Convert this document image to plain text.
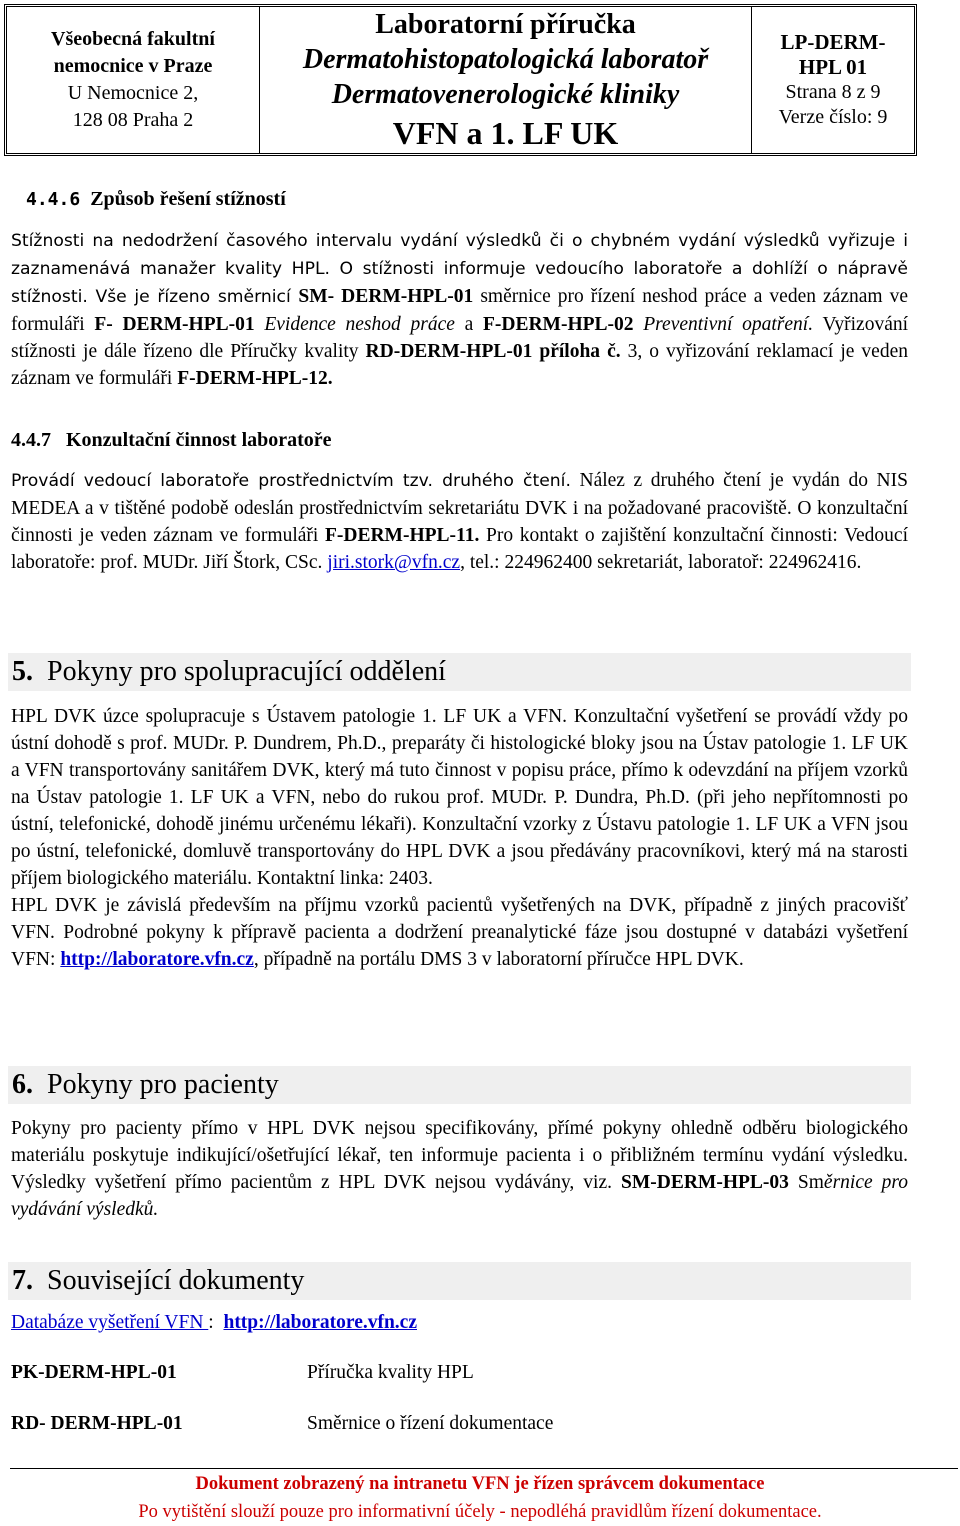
Všeobecná fakultní
nemocnice v Praze
U Nemocnice 2,
128 08 Praha 2
Laboratorní příručka
Dermatohistopatologická laboratoř
Dermatovenerologické kliniky
VFN a 1. LF UK
LP-DERM-
HPL 01
Strana 8 z 9
Verze číslo: 9
4.4.6 Způsob řešení stížností
Stížnosti na nedodržení časového intervalu vydání výsledků či o chybném vydání výsledků vyřizuje i zaznamenává manažer kvality HPL. O stížnosti informuje vedoucího laboratoře a dohlíží o nápravě stížnosti. Vše je řízeno směrnicí SM- DERM-HPL-01 směrnice pro řízení neshod práce a veden záznam ve formuláři F- DERM-HPL-01 Evidence neshod práce a F-DERM-HPL-02 Preventivní opatření. Vyřizování stížnosti je dále řízeno dle Příručky kvality RD-DERM-HPL-01 příloha č. 3, o vyřizování reklamací je veden záznam ve formuláři F-DERM-HPL-12.
4.4.7 Konzultační činnost laboratoře
Provádí vedoucí laboratoře prostřednictvím tzv. druhého čtení. Nález z druhého čtení je vydán do NIS MEDEA a v tištěné podobě odeslán prostřednictvím sekretariátu DVK i na požadované pracoviště. O konzultační činnosti je veden záznam ve formuláři F-DERM-HPL-11. Pro kontakt o zajištění konzultační činnosti: Vedoucí laboratoře: prof. MUDr. Jiří Štork, CSc. jiri.stork@vfn.cz, tel.: 224962400 sekretariát, laboratoř: 224962416.
5. Pokyny pro spolupracující oddělení
HPL DVK úzce spolupracuje s Ústavem patologie 1. LF UK a VFN. Konzultační vyšetření se provádí vždy po ústní dohodě s prof. MUDr. P. Dundrem, Ph.D., preparáty či histologické bloky jsou na Ústav patologie 1. LF UK a VFN transportovány sanitářem DVK, který má tuto činnost v popisu práce, přímo k odevzdání na příjem vzorků na Ústav patologie 1. LF UK a VFN, nebo do rukou prof. MUDr. P. Dundra, Ph.D. (při jeho nepřítomnosti po ústní, telefonické, dohodě jinému určenému lékaři). Konzultační vzorky z Ústavu patologie 1. LF UK a VFN jsou po ústní, telefonické, domluvě transportovány do HPL DVK a jsou předávány pracovníkovi, který má na starosti příjem biologického materiálu. Kontaktní linka: 2403.
HPL DVK je závislá především na příjmu vzorků pacientů vyšetřených na DVK, případně z jiných pracovišť VFN. Podrobné pokyny k přípravě pacienta a dodržení preanalytické fáze jsou dostupné v databázi vyšetření VFN: http://laboratore.vfn.cz, případně na portálu DMS 3 v laboratorní příručce HPL DVK.
6. Pokyny pro pacienty
Pokyny pro pacienty přímo v HPL DVK nejsou specifikovány, přímé pokyny ohledně odběru biologického materiálu poskytuje indikující/ošetřující lékař, ten informuje pacienta i o přibližném termínu vydání výsledku. Výsledky vyšetření přímo pacientům z HPL DVK nejsou vydávány, viz. SM-DERM-HPL-03 Směrnice pro vydávání výsledků.
7. Související dokumenty
Databáze vyšetření VFN : http://laboratore.vfn.cz
PK-DERM-HPL-01	Příručka kvality HPL
RD- DERM-HPL-01	Směrnice o řízení dokumentace
Dokument zobrazený na intranetu VFN je řízen správcem dokumentace
Po vytištění slouží pouze pro informativní účely - nepodléhá pravidlům řízení dokumentace.
